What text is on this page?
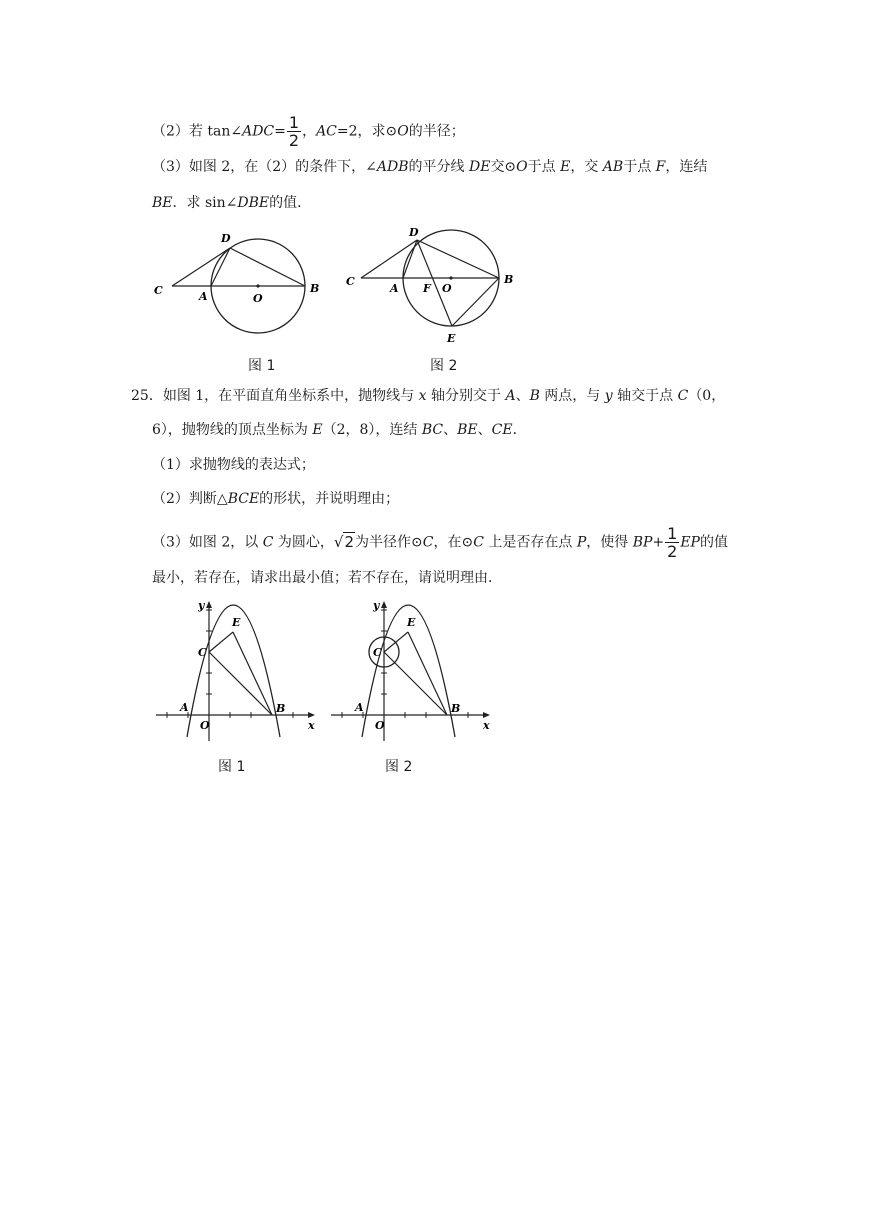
（2）若 tan∠ADC= $\frac{1}{2}$ ，AC=2，求⊙O的半径；
（3）如图 2，在（2）的条件下，∠ADB的平分线 DE交⊙O于点 E，交 AB于点 F，连结
BE．求 sin∠DBE的值．
C	A	O
B
D
图 1
C
A F O
B
D
E
图 2
25．如图 1，在平面直角坐标系中，抛物线与 x 轴分别交于 A、B 两点，与 y 轴交于点 C（0，
6），抛物线的顶点坐标为 E（2，8），连结 BC、BE、CE．
（1）求抛物线的表达式；
（2）判断△BCE的形状，并说明理由；
（3）如图 2，以 C 为圆心，√2为半径作⊙C，在⊙C 上是否存在点 P，使得 $BP+ \frac{1}{2}$ EP的值
最小，若存在，请求出最小值；若不存在，请说明理由．
y
x
O
A	B
C
E
图 1
y
x
O
A	B
C
E
图 2
